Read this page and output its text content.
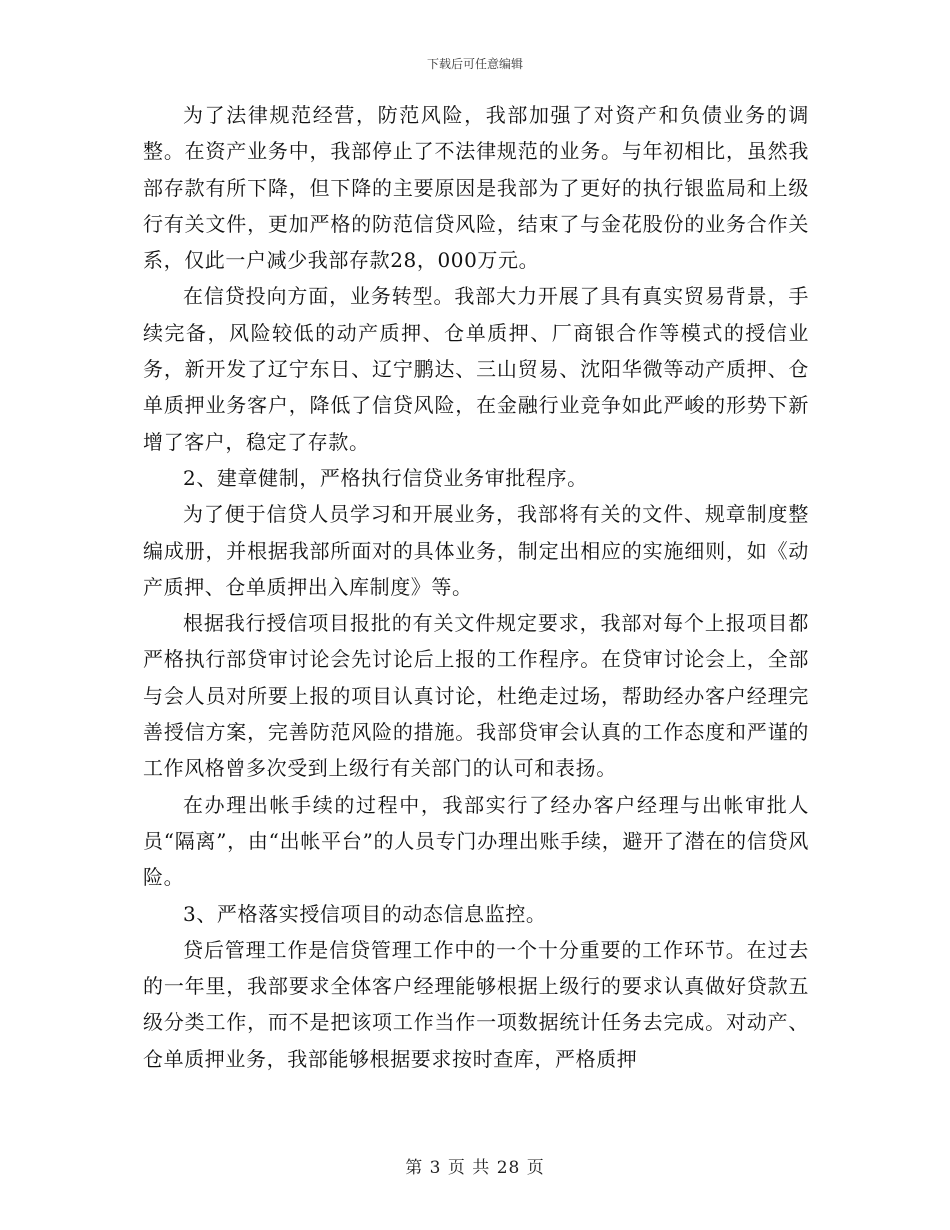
下载后可任意编辑

为了法律规范经营，防范风险，我部加强了对资产和负债业务的调整。在资产业务中，我部停止了不法律规范的业务。与年初相比，虽然我部存款有所下降，但下降的主要原因是我部为了更好的执行银监局和上级行有关文件，更加严格的防范信贷风险，结束了与金花股份的业务合作关系，仅此一户减少我部存款28，000万元。

在信贷投向方面，业务转型。我部大力开展了具有真实贸易背景，手续完备，风险较低的动产质押、仓单质押、厂商银合作等模式的授信业务，新开发了辽宁东日、辽宁鹏达、三山贸易、沈阳华微等动产质押、仓单质押业务客户，降低了信贷风险，在金融行业竞争如此严峻的形势下新增了客户，稳定了存款。

2、建章健制，严格执行信贷业务审批程序。

为了便于信贷人员学习和开展业务，我部将有关的文件、规章制度整编成册，并根据我部所面对的具体业务，制定出相应的实施细则，如《动产质押、仓单质押出入库制度》等。

根据我行授信项目报批的有关文件规定要求，我部对每个上报项目都严格执行部贷审讨论会先讨论后上报的工作程序。在贷审讨论会上，全部与会人员对所要上报的项目认真讨论，杜绝走过场，帮助经办客户经理完善授信方案，完善防范风险的措施。我部贷审会认真的工作态度和严谨的工作风格曾多次受到上级行有关部门的认可和表扬。

在办理出帐手续的过程中，我部实行了经办客户经理与出帐审批人员“隔离”，由“出帐平台”的人员专门办理出账手续，避开了潜在的信贷风险。

3、严格落实授信项目的动态信息监控。

贷后管理工作是信贷管理工作中的一个十分重要的工作环节。在过去的一年里，我部要求全体客户经理能够根据上级行的要求认真做好贷款五级分类工作，而不是把该项工作当作一项数据统计任务去完成。对动产、仓单质押业务，我部能够根据要求按时查库，严格质押

第 3 页 共 28 页
